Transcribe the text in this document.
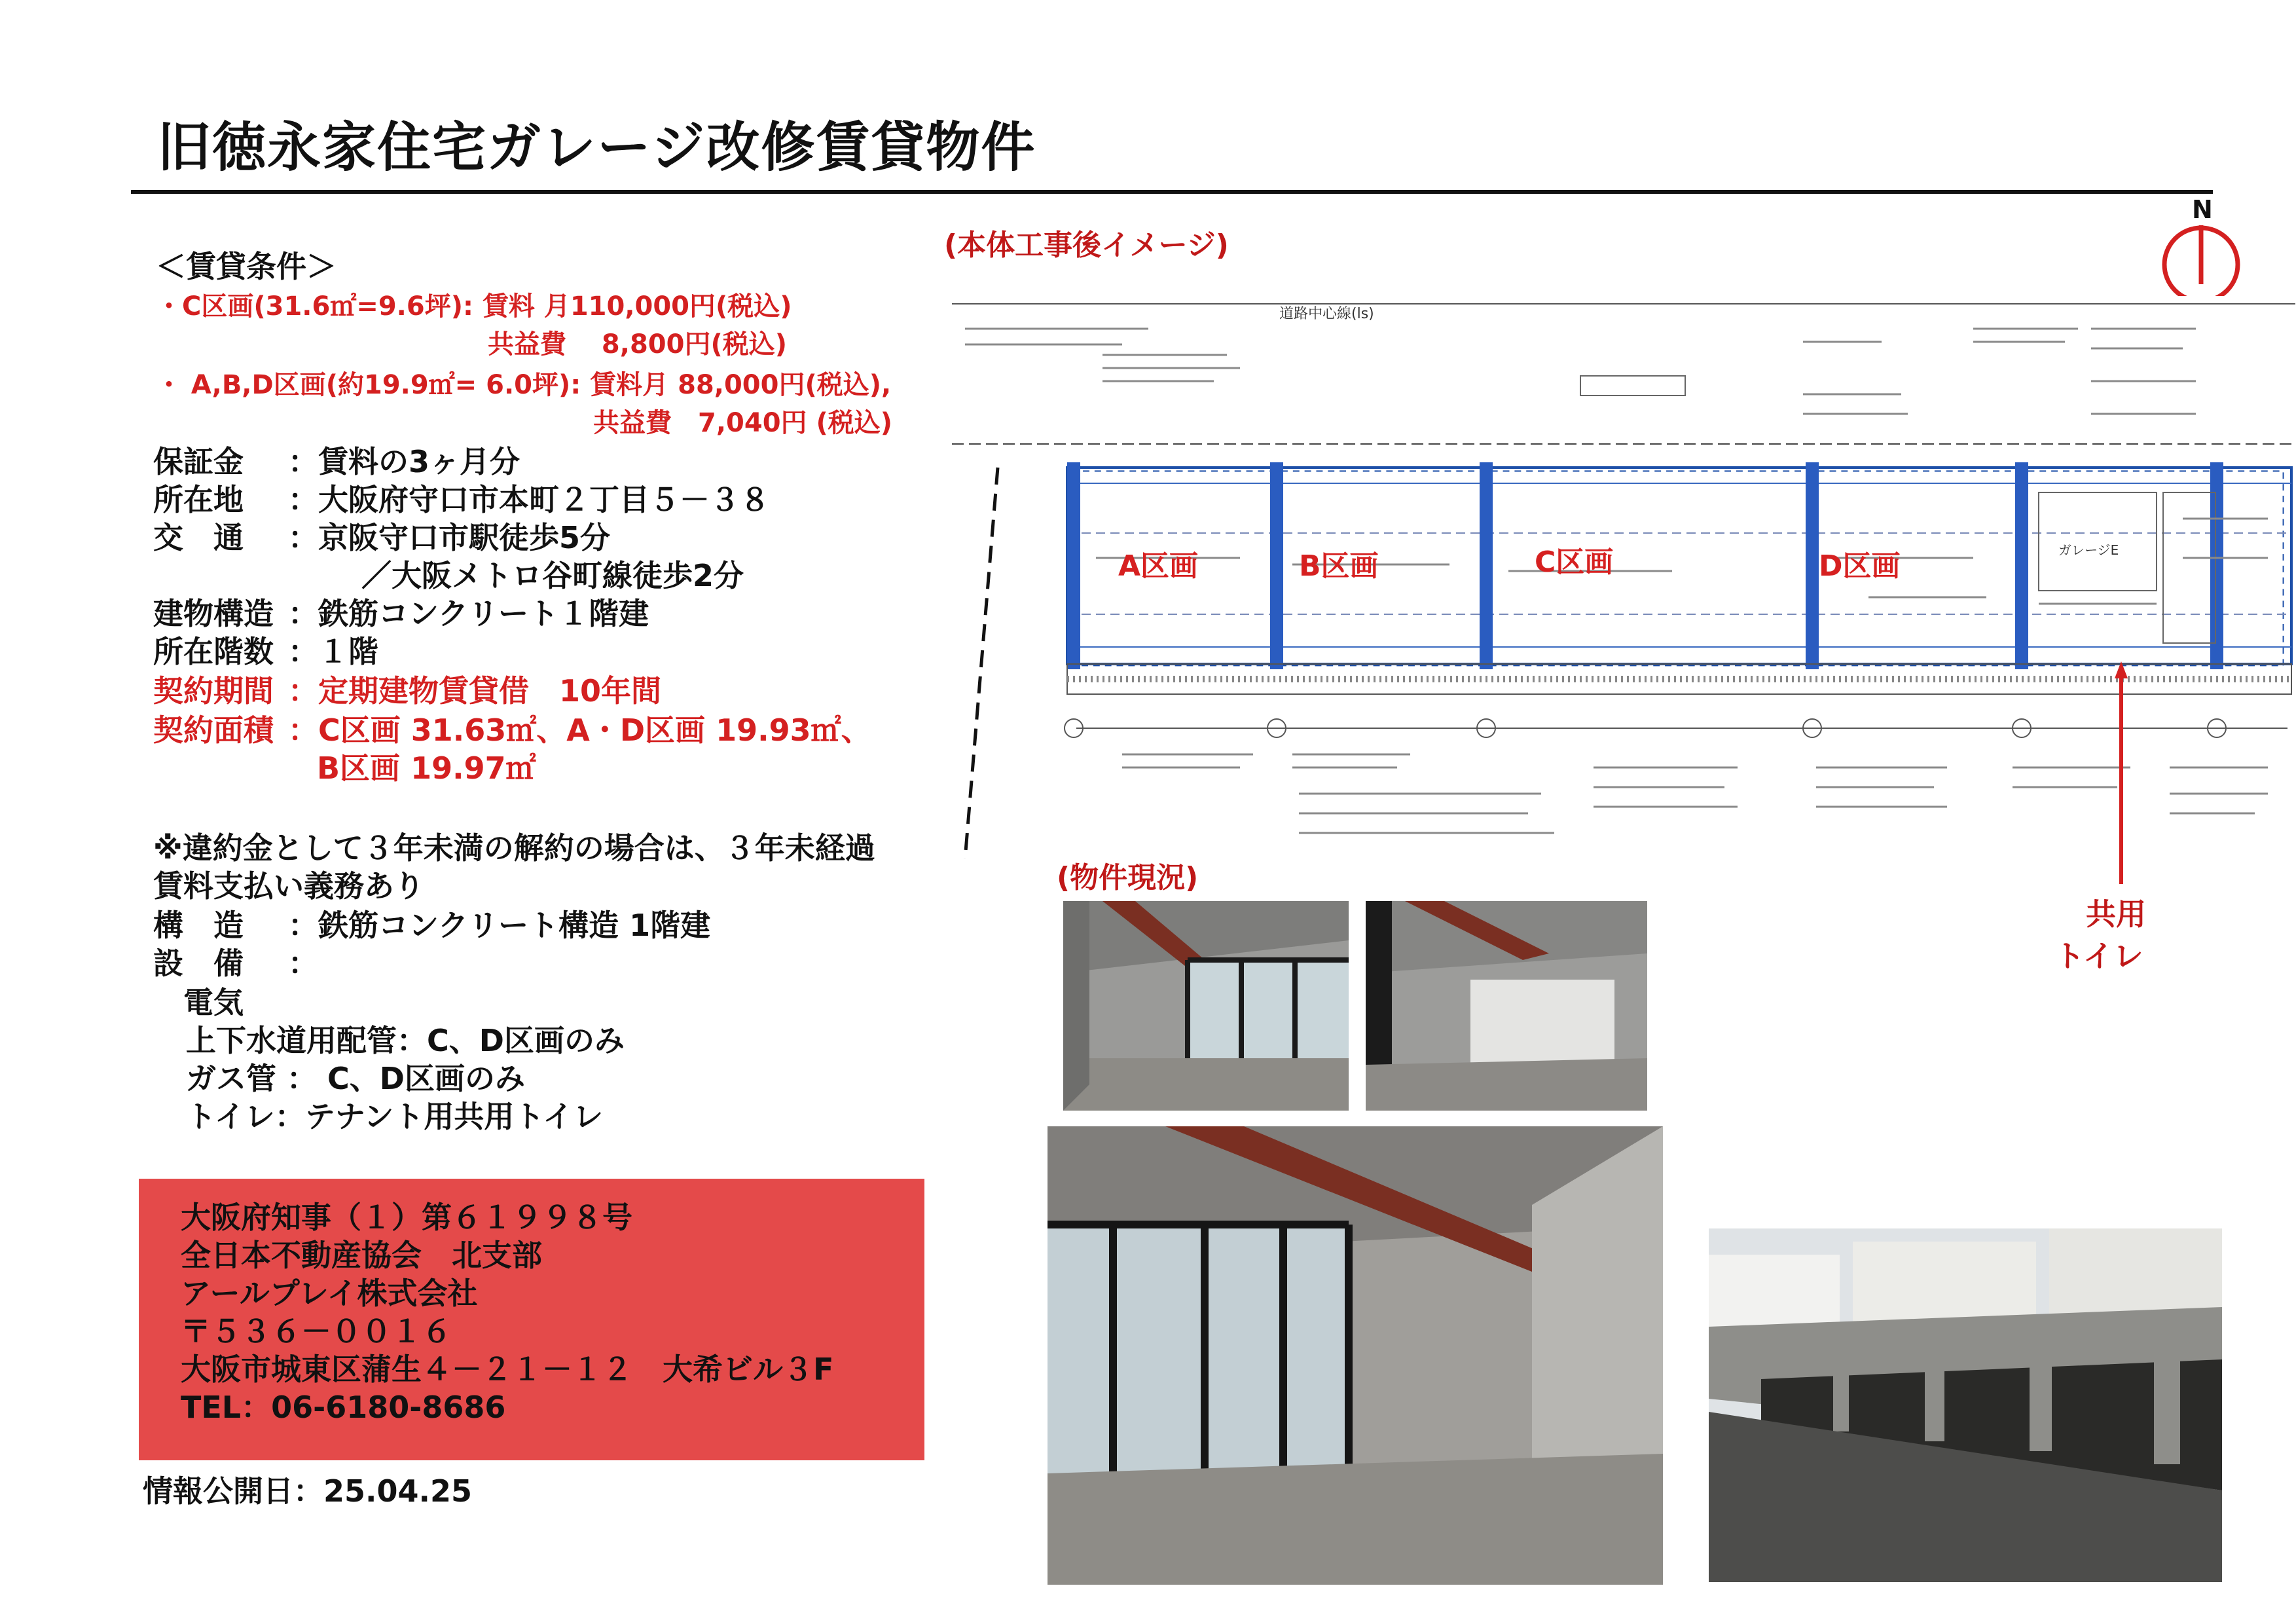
旧徳永家住宅ガレージ改修賃貸物件
＜賃貸条件＞
・C区画(31.6㎡=9.6坪): 賃料 月110,000円(税込)
共益費　 8,800円(税込)
・ A,B,D区画(約19.9㎡= 6.0坪): 賃料月 88,000円(税込),
共益費　7,040円 (税込)
保証金 ：賃料の3ヶ月分
所在地 ：大阪府守口市本町２丁目５－３８
交　通 ：京阪守口市駅徒歩5分
／大阪メトロ谷町線徒歩2分
建物構造 ：鉄筋コンクリート１階建
所在階数 ：１階
契約期間 ：定期建物賃貸借　10年間
契約面積 ：C区画 31.63㎡、A・D区画 19.93㎡、
B区画 19.97㎡
※違約金として３年未満の解約の場合は、３年未経過
賃料支払い義務あり
構　造 ：鉄筋コンクリート構造 1階建
設　備 ：
電気
上下水道用配管：C、D区画のみ
ガス管 ： C、D区画のみ
トイレ：テナント用共用トイレ
大阪府知事（１）第６１９９８号
全日本不動産協会　北支部
アールプレイ株式会社
〒５３６－００１６
大阪市城東区蒲生４－２１－１２　大希ビル３F
TEL：06-6180-8686
情報公開日：25.04.25
(本体工事後イメージ)
(物件現況)
N
A区画	B区画	C区画	D区画
道路中心線(ls)
ガレージE
共用
トイレ
